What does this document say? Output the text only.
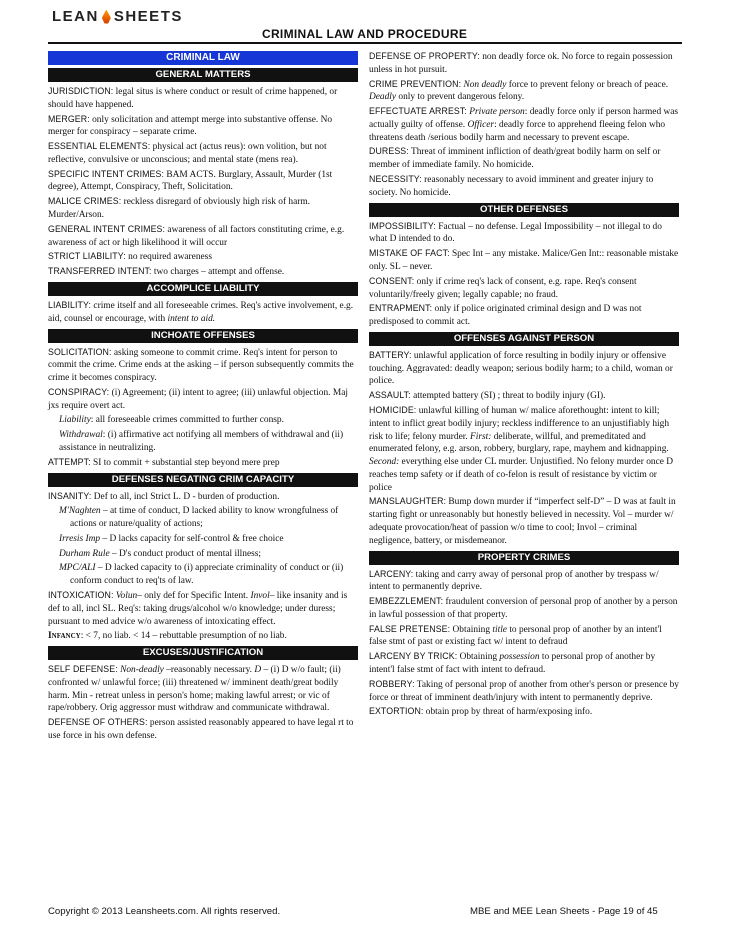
LEAN SHEETS
CRIMINAL LAW AND PROCEDURE
CRIMINAL LAW
GENERAL MATTERS
JURISDICTION: legal situs is where conduct or result of crime happened, or should have happened.
MERGER: only solicitation and attempt merge into substantive offense. No merger for conspiracy – separate crime.
ESSENTIAL ELEMENTS: physical act (actus reus): own volition, but not reflective, convulsive or unconscious; and mental state (mens rea).
SPECIFIC INTENT CRIMES: BAM ACTS. Burglary, Assault, Murder (1st degree), Attempt, Conspiracy, Theft, Solicitation.
MALICE CRIMES: reckless disregard of obviously high risk of harm. Murder/Arson.
GENERAL INTENT CRIMES: awareness of all factors constituting crime, e.g. awareness of act or high likelihood it will occur
STRICT LIABILITY: no required awareness
TRANSFERRED INTENT: two charges – attempt and offense.
ACCOMPLICE LIABILITY
LIABILITY: crime itself and all foreseeable crimes. Req's active involvement, e.g. aid, counsel or encourage, with intent to aid.
INCHOATE OFFENSES
SOLICITATION: asking someone to commit crime. Req's intent for person to commit the crime. Crime ends at the asking – if person subsequently commits the crime it becomes conspiracy.
CONSPIRACY: (i) Agreement; (ii) intent to agree; (iii) unlawful objection. Maj jxs require overt act.
Liability: all foreseeable crimes committed to further consp.
Withdrawal: (i) affirmative act notifying all members of withdrawal and (ii) assistance in neutralizing.
ATTEMPT: SI to commit + substantial step beyond mere prep
DEFENSES NEGATING CRIM CAPACITY
INSANITY: Def to all, incl Strict L. D - burden of production.
M'Naghten – at time of conduct, D lacked ability to know wrongfulness of actions or nature/quality of actions;
Irresis Imp – D lacks capacity for self-control & free choice
Durham Rule – D's conduct product of mental illness;
MPC/ALI – D lacked capacity to (i) appreciate criminality of conduct or (ii) conform conduct to req'ts of law.
INTOXICATION: Volun– only def for Specific Intent. Invol– like insanity and is def to all, incl SL. Req's: taking drugs/alcohol w/o knowledge; under duress; pursuant to med advice w/o awareness of intoxicating effect.
Infancy: < 7, no liab. < 14 – rebuttable presumption of no liab.
EXCUSES/JUSTIFICATION
SELF DEFENSE: Non-deadly –reasonably necessary. D – (i) D w/o fault; (ii) confronted w/ unlawful force; (iii) threatened w/ imminent death/great bodily harm. Min - retreat unless in person's home; making lawful arrest; or vic of rape/robbery. Orig aggressor must withdraw and communicate withdrawal.
DEFENSE OF OTHERS: person assisted reasonably appeared to have legal rt to use force in his own defense.
DEFENSE OF PROPERTY: non deadly force ok. No force to regain possession unless in hot pursuit.
CRIME PREVENTION: Non deadly force to prevent felony or breach of peace. Deadly only to prevent dangerous felony.
EFFECTUATE ARREST: Private person: deadly force only if person harmed was actually guilty of offense. Officer: deadly force to apprehend fleeing felon who threatens death /serious bodily harm and necessary to prevent escape.
DURESS: Threat of imminent infliction of death/great bodily harm on self or member of immediate family. No homicide.
NECESSITY: reasonably necessary to avoid imminent and greater injury to society. No homicide.
OTHER DEFENSES
IMPOSSIBILITY: Factual – no defense. Legal Impossibility – not illegal to do what D intended to do.
MISTAKE OF FACT: Spec Int – any mistake. Malice/Gen Int:: reasonable mistake only. SL – never.
CONSENT: only if crime req's lack of consent, e.g. rape. Req's consent voluntarily/freely given; legally capable; no fraud.
ENTRAPMENT: only if police originated criminal design and D was not predisposed to commit act.
OFFENSES AGAINST PERSON
BATTERY: unlawful application of force resulting in bodily injury or offensive touching. Aggravated: deadly weapon; serious bodily harm; to a child, woman or police.
ASSAULT: attempted battery (SI) ; threat to bodily injury (GI).
HOMICIDE: unlawful killing of human w/ malice aforethought: intent to kill; intent to inflict great bodily injury; reckless indifference to an unjustifiably high risk to life; felony murder. First: deliberate, willful, and premeditated and enumerated felony, e.g. arson, robbery, burglary, rape, mayhem and kidnapping. Second: everything else under CL murder. Unjustified. No felony murder once D reaches temp safety or if death of co-felon is result of resistance by victim or police
MANSLAUGHTER: Bump down murder if “imperfect self-D” – D was at fault in starting fight or unreasonably but honestly believed in necessity. Vol – murder w/ adequate provocation/heat of passion w/o time to cool; Invol – criminal negligence, battery, or misdemeanor.
PROPERTY CRIMES
LARCENY: taking and carry away of personal prop of another by trespass w/ intent to permanently deprive.
EMBEZZLEMENT: fraudulent conversion of personal prop of another by a person in lawful possession of that property.
FALSE PRETENSE: Obtaining title to personal prop of another by an intent'l false stmt of past or existing fact w/ intent to defraud
LARCENY BY TRICK: Obtaining possession to personal prop of another by intent'l false stmt of fact with intent to defraud.
ROBBERY: Taking of personal prop of another from other's person or presence by force or threat of imminent death/injury with intent to permanently deprive.
EXTORTION: obtain prop by threat of harm/exposing info.
Copyright © 2013 Leansheets.com. All rights reserved.	MBE and MEE Lean Sheets - Page 19 of 45
